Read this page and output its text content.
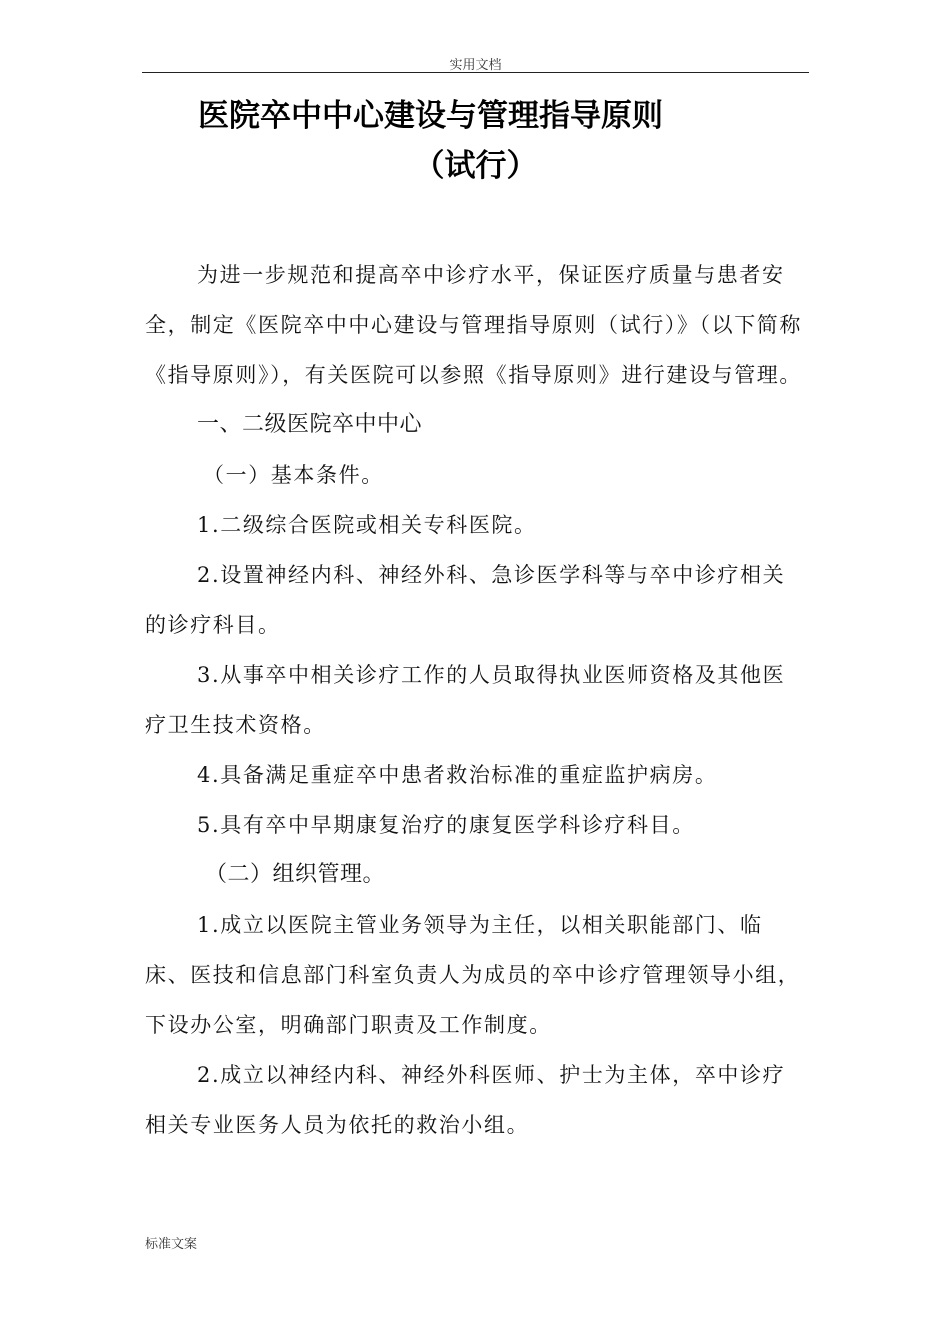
实用文档
医院卒中中心建设与管理指导原则
（试行）

为进一步规范和提高卒中诊疗水平，保证医疗质量与患者安全，制定《医院卒中中心建设与管理指导原则（试行）》（以下简称《指导原则》），有关医院可以参照《指导原则》进行建设与管理。

一、二级医院卒中中心

（一）基本条件。

1.二级综合医院或相关专科医院。

2.设置神经内科、神经外科、急诊医学科等与卒中诊疗相关的诊疗科目。

3.从事卒中相关诊疗工作的人员取得执业医师资格及其他医疗卫生技术资格。

4.具备满足重症卒中患者救治标准的重症监护病房。

5.具有卒中早期康复治疗的康复医学科诊疗科目。

（二）组织管理。

1.成立以医院主管业务领导为主任，以相关职能部门、临床、医技和信息部门科室负责人为成员的卒中诊疗管理领导小组，下设办公室，明确部门职责及工作制度。

2.成立以神经内科、神经外科医师、护士为主体，卒中诊疗相关专业医务人员为依托的救治小组。

标准文案
